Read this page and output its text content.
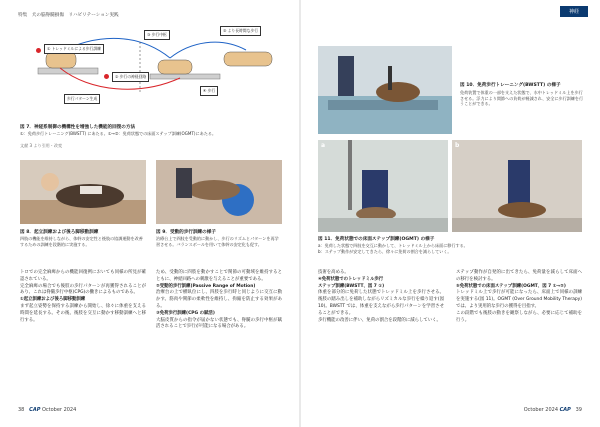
特集　犬の脳脊髄損傷　リハビリテーション実践
① トレッドミルによる歩行訓練
② 歩行の神経回路
③ 歩行中枢
④ 歩行
⑤ より長時間な歩行
歩行パターン生成
図 7．神経系制御の機構性を増強した機能的回復の方法
①：免荷歩行トレーニング(BWSTT) にあたる。①→②：免荷状態での床面ステップ訓練(OGMT)にあたる。
文献 3 より引用・改変
図 8．起立訓練および後ろ脚移動訓練
四肢の機能を維持しながら、体幹の安定性と後肢の協調運動を改善するための訓練を段階的に実施する。
図 9．受動的歩行訓練の様子
治療台上で四肢を受動的に動かし、歩行のリズムとパターンを再学習させる。バランスボールを用いて体幹の安定化も促す。

トロでの完全麻痺からの機能回復例においても同様の所見が確認されている。

完全麻痺の場合でも後肢の歩行パターンが再獲得されることがあり、これは脊髄歩行中枢(CPG)の働きによるものである。

①起立訓練および後ろ脚移動訓練

まず起立姿勢を保持する訓練から開始し、徐々に体重を支える時間を延長する。その後、後肢を交互に動かす移動訓練へと移行する。

ため、受動的に四肢を動かすことで関節の可動域を維持するとともに、神経回路への刺激を与えることが重要である。

②受動的歩行訓練(Passive Range of Motion)

治療台の上で横臥位にし、四肢を歩行時と同じように交互に動かす。筋肉や関節の柔軟性を維持し、拘縮を防止する効果がある。

③免荷歩行訓練(CPG の賦活)

大脳皮質からの指令が届かない状態でも、脊髄の歩行中枢が賦活されることで歩行が可能になる場合がある。

38 CAP October 2024
神経
図 10．免荷歩行トレーニング(BWSTT) の様子
免荷装置で体重の一部を支えた状態で、水中トレッドミル上を歩行させる。浮力により関節への負荷が軽減され、安全に歩行訓練を行うことができる。
a	b
図 11．免荷状態での床面ステップ訓練(OGMT) の様子
a：免荷した状態で四肢を交互に動かして、トレッドミル上から床面に移行する。
b：ステップ動作が安定してきたら、徐々に免荷の割合を減らしていく。

技術を高める。

④免荷状態でのトレッドミル歩行

ステップ訓練(BWSTT、図 7 ①)

体重を部分的に免荷した状態でトレッドミル上を歩行させる。後肢の踏み出しを補助しながらリズミカルな歩行を繰り返す(図 10)。BWSTT では、体重を支えながら歩行パターンを学習させることができる。

歩行機能の改善に伴い、免荷の割合を段階的に減らしていく。

ステップ動作が自発的に出てきたら、免荷量を減らして床面への移行を検討する。

⑤免荷状態での床面ステップ訓練(OGMT、図 7 ①→②)

トレッドミル上で歩行が可能になったら、床面上で同様の訓練を実施する(図 11)。OGMT (Over Ground Mobility Therapy)では、より実用的な歩行の獲得を目指す。

この段階でも後肢の動きを観察しながら、必要に応じて補助を行う。

October 2024 CAP 39
